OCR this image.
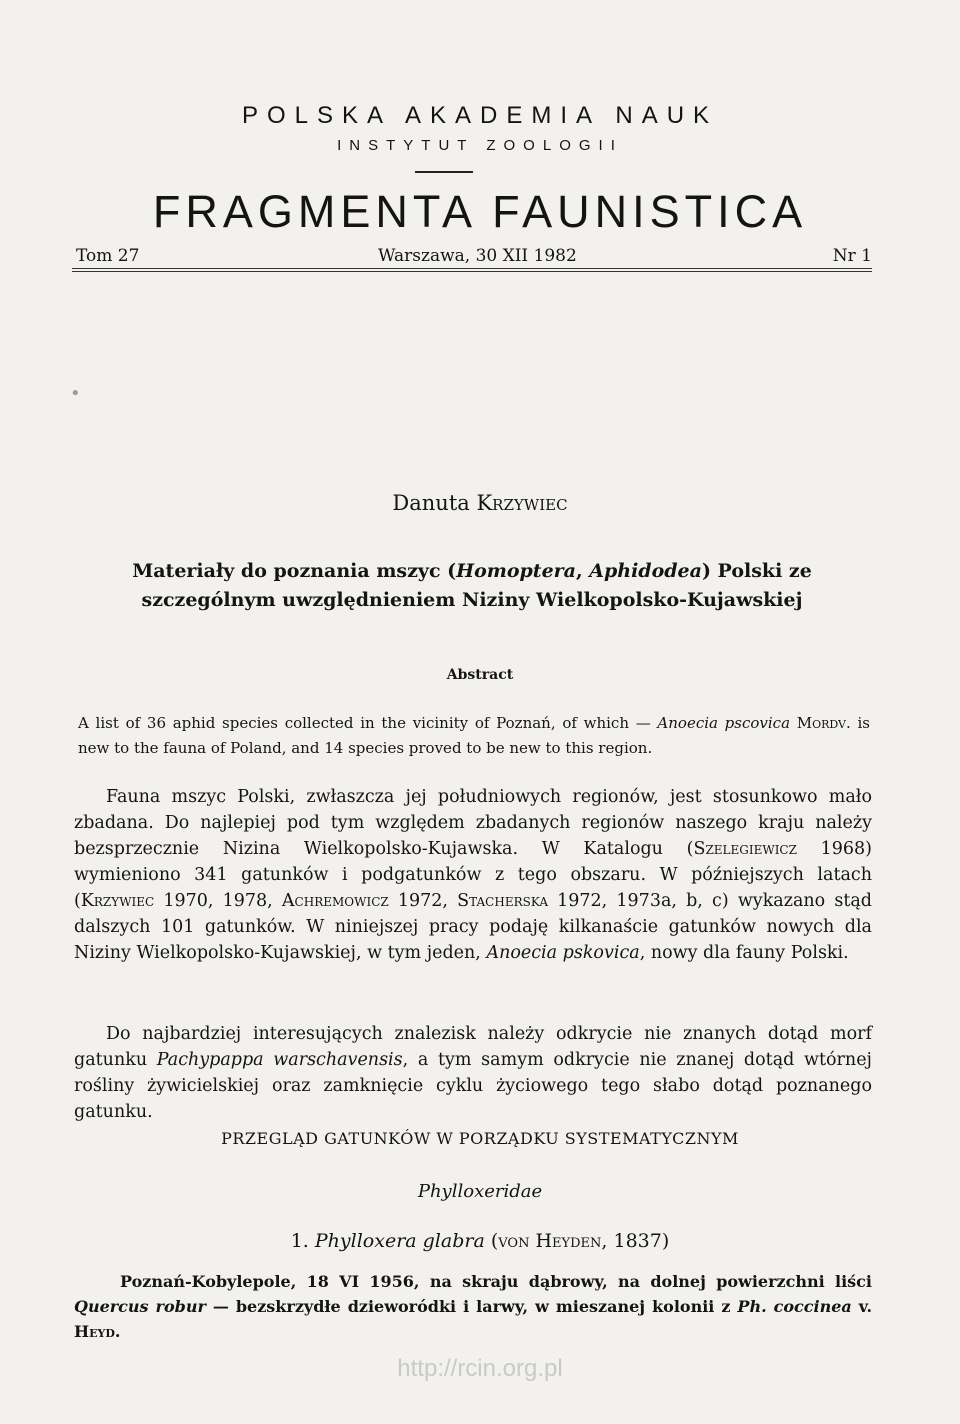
POLSKA AKADEMIA NAUK
INSTYTUT ZOOLOGII
FRAGMENTA FAUNISTICA
Tom 27	Warszawa, 30 XII 1982	Nr 1
•
Danuta Krzywiec
Materiały do poznania mszyc (Homoptera, Aphidodea) Polski ze szczególnym uwzględnieniem Niziny Wielkopolsko-Kujawskiej
Abstract
A list of 36 aphid species collected in the vicinity of Poznań, of which — Anoecia pscovica Mordv. is new to the fauna of Poland, and 14 species proved to be new to this region.
Fauna mszyc Polski, zwłaszcza jej południowych regionów, jest stosunkowo mało zbadana. Do najlepiej pod tym względem zbadanych regionów naszego kraju należy bezsprzecznie Nizina Wielkopolsko-Kujawska. W Katalogu (Szelegiewicz 1968) wymieniono 341 gatunków i podgatunków z tego obszaru. W późniejszych latach (Krzywiec 1970, 1978, Achremowicz 1972, Stacherska 1972, 1973a, b, c) wykazano stąd dalszych 101 gatunków. W niniejszej pracy podaję kilkanaście gatunków nowych dla Niziny Wielkopolsko-Kujawskiej, w tym jeden, Anoecia pskovica, nowy dla fauny Polski.
Do najbardziej interesujących znalezisk należy odkrycie nie znanych dotąd morf gatunku Pachypappa warschavensis, a tym samym odkrycie nie znanej dotąd wtórnej rośliny żywicielskiej oraz zamknięcie cyklu życiowego tego słabo dotąd poznanego gatunku.
PRZEGLĄD GATUNKÓW W PORZĄDKU SYSTEMATYCZNYM
Phylloxeridae
1. Phylloxera glabra (von Heyden, 1837)
Poznań-Kobylepole, 18 VI 1956, na skraju dąbrowy, na dolnej powierzchni liści Quercus robur — bezskrzydłe dzieworódki i larwy, w mieszanej kolonii z Ph. coccinea v. Heyd.
http://rcin.org.pl
